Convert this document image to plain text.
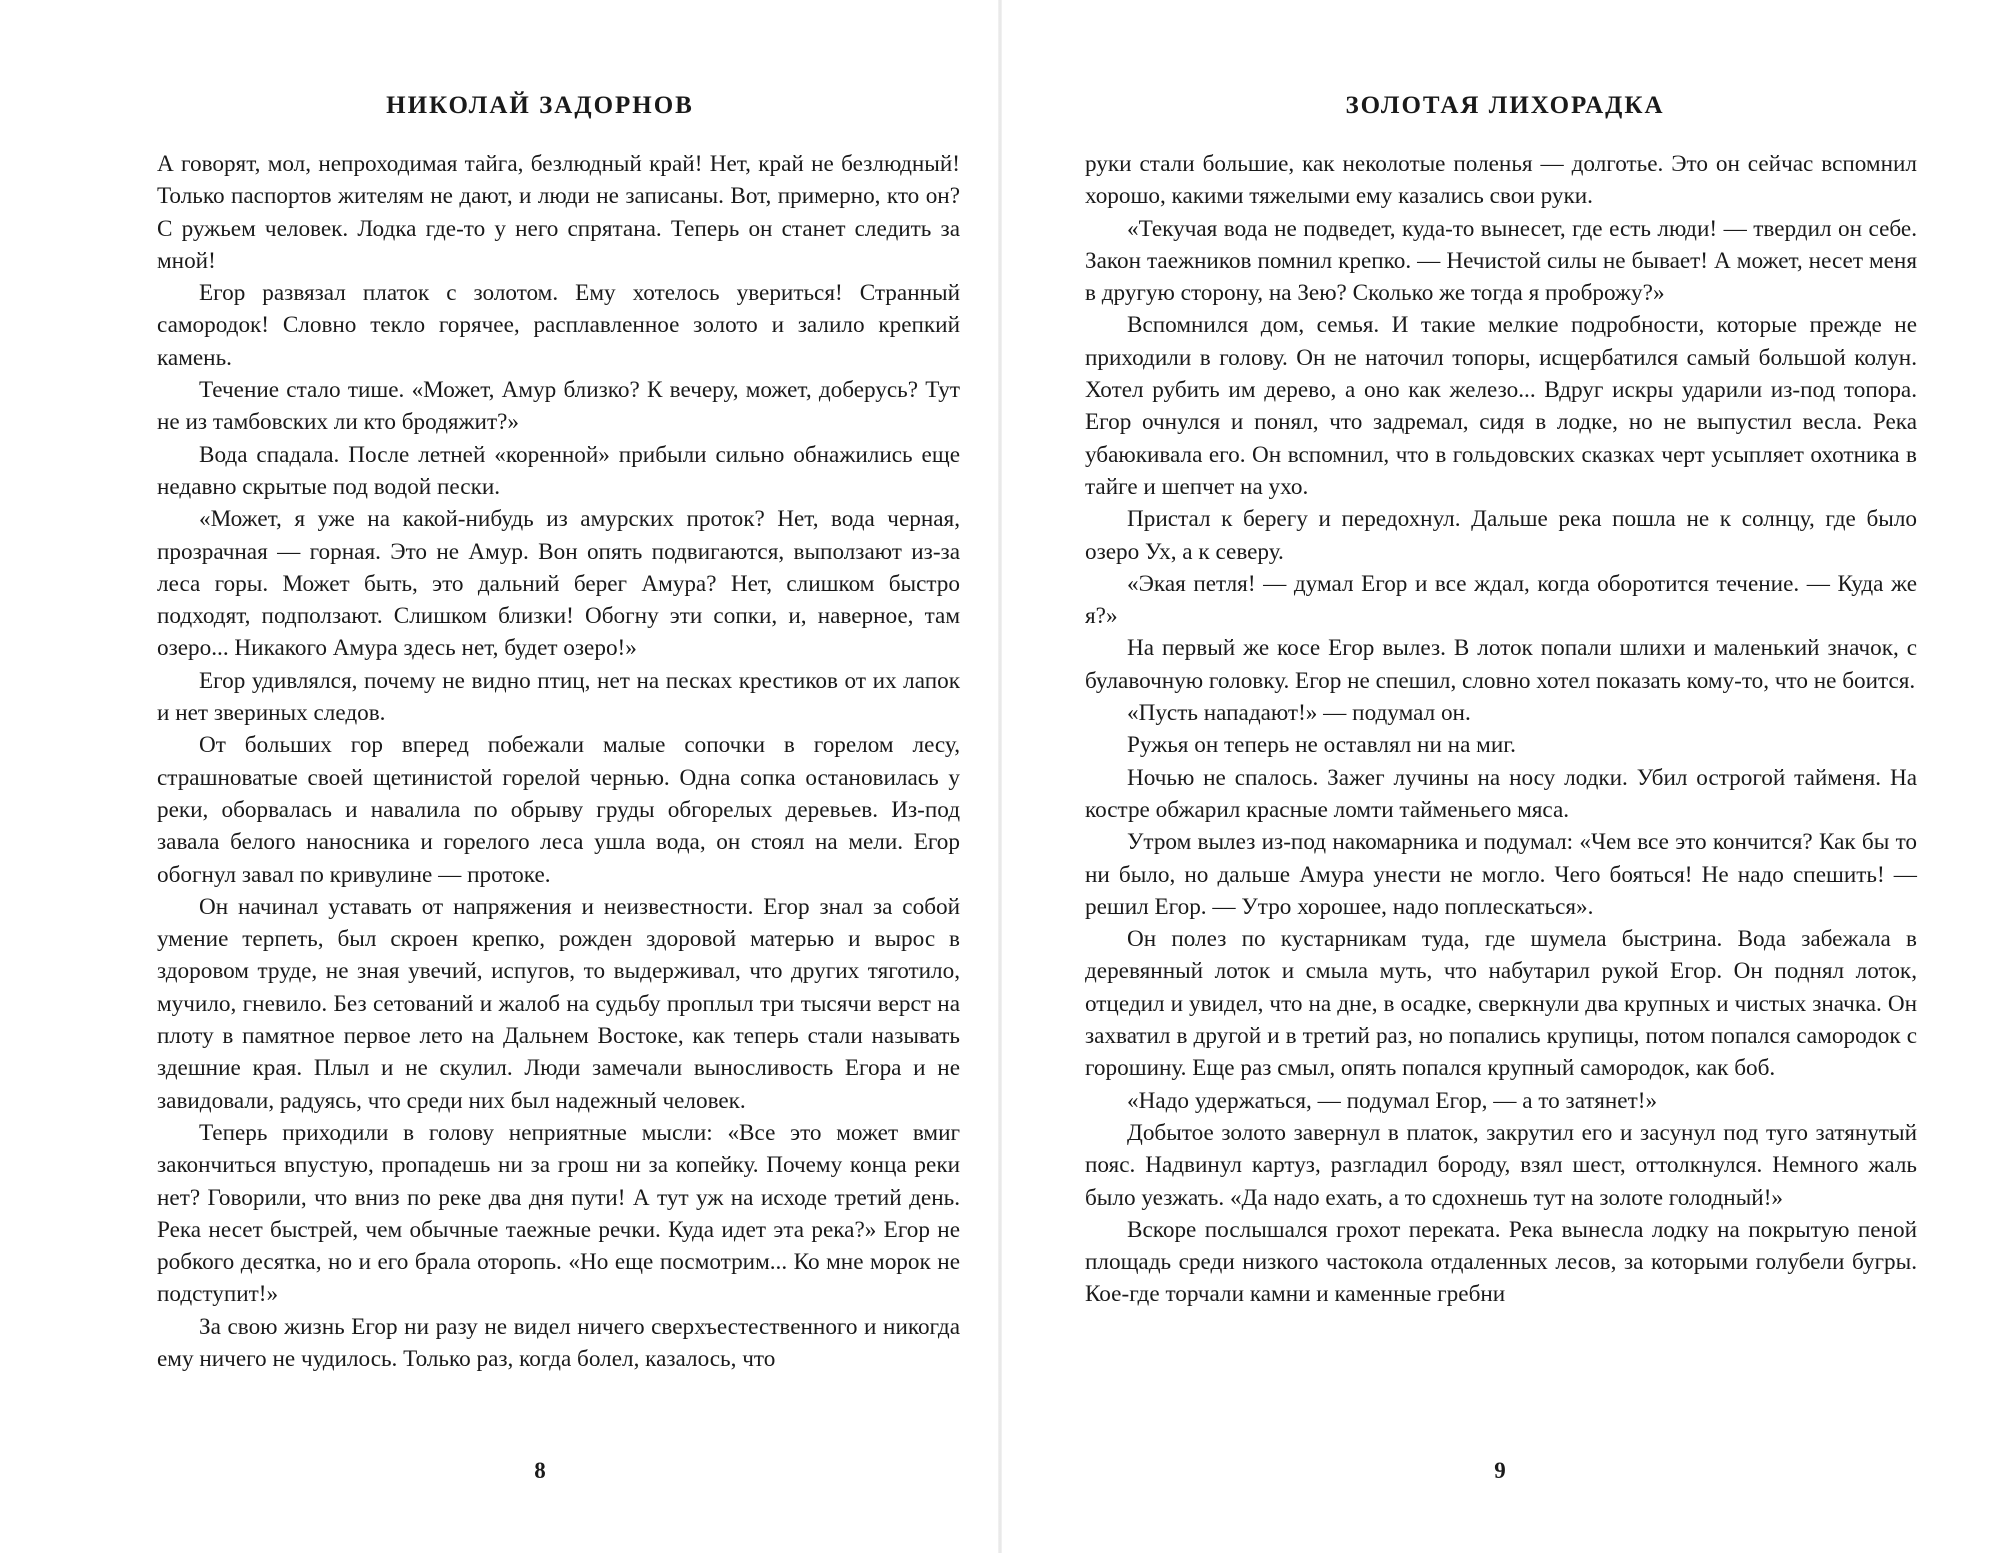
НИКОЛАЙ ЗАДОРНОВ

А говорят, мол, непроходимая тайга, безлюдный край! Нет, край не безлюдный! Только паспортов жителям не дают, и люди не записаны. Вот, примерно, кто он? С ружьем человек. Лодка где-то у него спрятана. Теперь он станет следить за мной!

Егор развязал платок с золотом. Ему хотелось увериться! Странный самородок! Словно текло горячее, расплавленное золото и залило крепкий камень.

Течение стало тише. «Может, Амур близко? К вечеру, может, доберусь? Тут не из тамбовских ли кто бродяжит?»

Вода спадала. После летней «коренной» прибыли сильно обнажились еще недавно скрытые под водой пески.

«Может, я уже на какой-нибудь из амурских проток? Нет, вода черная, прозрачная — горная. Это не Амур. Вон опять подвигаются, выползают из-за леса горы. Может быть, это дальний берег Амура? Нет, слишком быстро подходят, подползают. Слишком близки! Обогну эти сопки, и, наверное, там озеро... Никакого Амура здесь нет, будет озеро!»

Егор удивлялся, почему не видно птиц, нет на песках крестиков от их лапок и нет звериных следов.

От больших гор вперед побежали малые сопочки в горелом лесу, страшноватые своей щетинистой горелой чернью. Одна сопка остановилась у реки, оборвалась и навалила по обрыву груды обгорелых деревьев. Из-под завала белого наносника и горелого леса ушла вода, он стоял на мели. Егор обогнул завал по кривулине — протоке.

Он начинал уставать от напряжения и неизвестности. Егор знал за собой умение терпеть, был скроен крепко, рожден здоровой матерью и вырос в здоровом труде, не зная увечий, испугов, то выдерживал, что других тяготило, мучило, гневило. Без сетований и жалоб на судьбу проплыл три тысячи верст на плоту в памятное первое лето на Дальнем Востоке, как теперь стали называть здешние края. Плыл и не скулил. Люди замечали выносливость Егора и не завидовали, радуясь, что среди них был надежный человек.

Теперь приходили в голову неприятные мысли: «Все это может вмиг закончиться впустую, пропадешь ни за грош ни за копейку. Почему конца реки нет? Говорили, что вниз по реке два дня пути! А тут уж на исходе третий день. Река несет быстрей, чем обычные таежные речки. Куда идет эта река?» Егор не робкого десятка, но и его брала оторопь. «Но еще посмотрим... Ко мне морок не подступит!»

За свою жизнь Егор ни разу не видел ничего сверхъестественного и никогда ему ничего не чудилось. Только раз, когда болел, казалось, что

8
ЗОЛОТАЯ ЛИХОРАДКА

руки стали большие, как неколотые поленья — долготье. Это он сейчас вспомнил хорошо, какими тяжелыми ему казались свои руки.

«Текучая вода не подведет, куда-то вынесет, где есть люди! — твердил он себе. Закон таежников помнил крепко. — Нечистой силы не бывает! А может, несет меня в другую сторону, на Зею? Сколько же тогда я проброжу?»

Вспомнился дом, семья. И такие мелкие подробности, которые прежде не приходили в голову. Он не наточил топоры, исщербатился самый большой колун. Хотел рубить им дерево, а оно как железо... Вдруг искры ударили из-под топора. Егор очнулся и понял, что задремал, сидя в лодке, но не выпустил весла. Река убаюкивала его. Он вспомнил, что в гольдовских сказках черт усыпляет охотника в тайге и шепчет на ухо.

Пристал к берегу и передохнул. Дальше река пошла не к солнцу, где было озеро Ух, а к северу.

«Экая петля! — думал Егор и все ждал, когда оборотится течение. — Куда же я?»

На первый же косе Егор вылез. В лоток попали шлихи и маленький значок, с булавочную головку. Егор не спешил, словно хотел показать кому-то, что не боится.

«Пусть нападают!» — подумал он.

Ружья он теперь не оставлял ни на миг.

Ночью не спалось. Зажег лучины на носу лодки. Убил острогой тайменя. На костре обжарил красные ломти тайменьего мяса.

Утром вылез из-под накомарника и подумал: «Чем все это кончится? Как бы то ни было, но дальше Амура унести не могло. Чего бояться! Не надо спешить! — решил Егор. — Утро хорошее, надо поплескаться».

Он полез по кустарникам туда, где шумела быстрина. Вода забежала в деревянный лоток и смыла муть, что набутарил рукой Егор. Он поднял лоток, отцедил и увидел, что на дне, в осадке, сверкнули два крупных и чистых значка. Он захватил в другой и в третий раз, но попались крупицы, потом попался самородок с горошину. Еще раз смыл, опять попался крупный самородок, как боб.

«Надо удержаться, — подумал Егор, — а то затянет!»

Добытое золото завернул в платок, закрутил его и засунул под туго затянутый пояс. Надвинул картуз, разгладил бороду, взял шест, оттолкнулся. Немного жаль было уезжать. «Да надо ехать, а то сдохнешь тут на золоте голодный!»

Вскоре послышался грохот переката. Река вынесла лодку на покрытую пеной площадь среди низкого частокола отдаленных лесов, за которыми голубели бугры. Кое-где торчали камни и каменные гребни

9
